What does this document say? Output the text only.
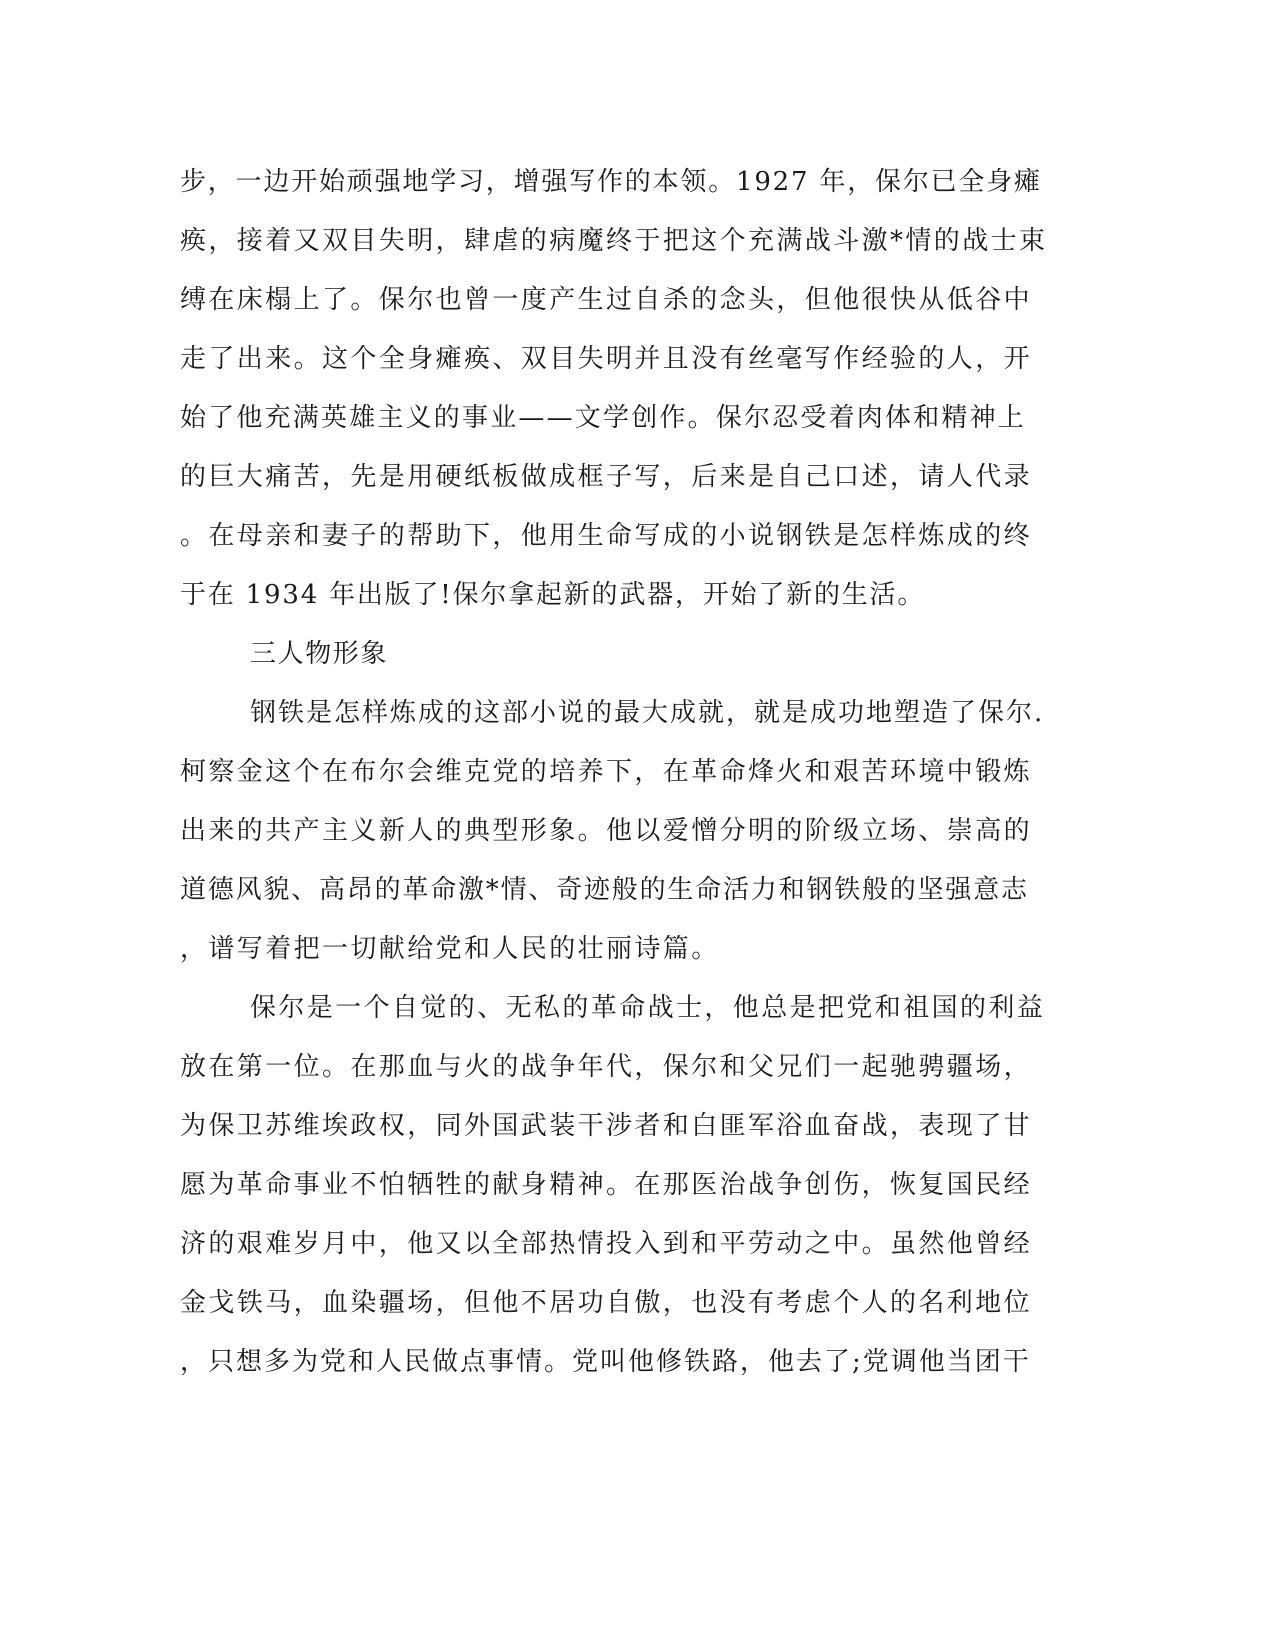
步，一边开始顽强地学习，增强写作的本领。1927 年，保尔已全身瘫

痪，接着又双目失明，肆虐的病魔终于把这个充满战斗激*情的战士束

缚在床榻上了。保尔也曾一度产生过自杀的念头，但他很快从低谷中

走了出来。这个全身瘫痪、双目失明并且没有丝毫写作经验的人，开

始了他充满英雄主义的事业——文学创作。保尔忍受着肉体和精神上

的巨大痛苦，先是用硬纸板做成框子写，后来是自己口述，请人代录

。在母亲和妻子的帮助下，他用生命写成的小说钢铁是怎样炼成的终

于在 1934 年出版了!保尔拿起新的武器，开始了新的生活。

三人物形象

钢铁是怎样炼成的这部小说的最大成就，就是成功地塑造了保尔.

柯察金这个在布尔会维克党的培养下，在革命烽火和艰苦环境中锻炼

出来的共产主义新人的典型形象。他以爱憎分明的阶级立场、崇高的

道德风貌、高昂的革命激*情、奇迹般的生命活力和钢铁般的坚强意志

，谱写着把一切献给党和人民的壮丽诗篇。

保尔是一个自觉的、无私的革命战士，他总是把党和祖国的利益

放在第一位。在那血与火的战争年代，保尔和父兄们一起驰骋疆场，

为保卫苏维埃政权，同外国武装干涉者和白匪军浴血奋战，表现了甘

愿为革命事业不怕牺牲的献身精神。在那医治战争创伤，恢复国民经

济的艰难岁月中，他又以全部热情投入到和平劳动之中。虽然他曾经

金戈铁马，血染疆场，但他不居功自傲，也没有考虑个人的名利地位

，只想多为党和人民做点事情。党叫他修铁路，他去了;党调他当团干
